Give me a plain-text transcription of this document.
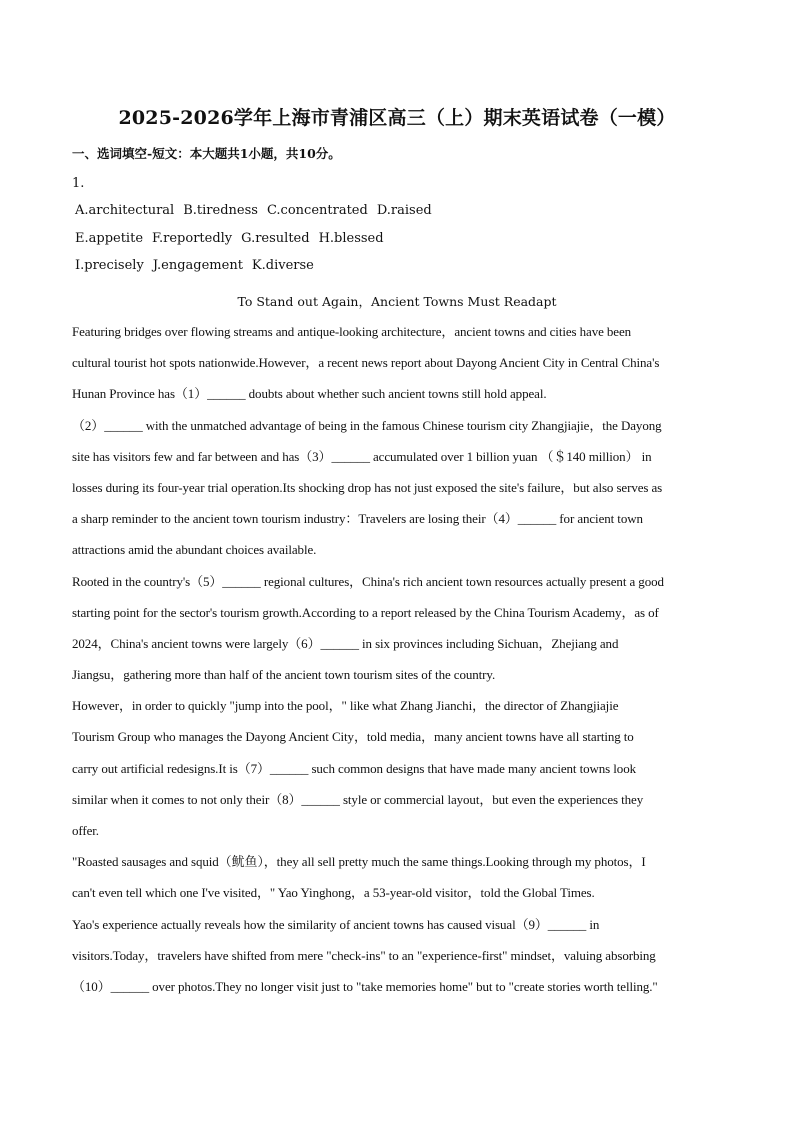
2025-2026学年上海市青浦区高三（上）期末英语试卷（一模）
一、选词填空-短文：本大题共1小题，共10分。
1.
A.architectural B.tiredness C.concentrated D.raised
E.appetite F.reportedly G.resulted H.blessed
I.precisely J.engagement K.diverse
To Stand out Again，Ancient Towns Must Readapt
Featuring bridges over flowing streams and antique-looking architecture，ancient towns and cities have been
cultural tourist hot spots nationwide.However，a recent news report about Dayong Ancient City in Central China's
Hunan Province has（1）______ doubts about whether such ancient towns still hold appeal.
（2）______ with the unmatched advantage of being in the famous Chinese tourism city Zhangjiajie，the Dayong
site has visitors few and far between and has（3）______ accumulated over 1 billion yuan （＄140 million） in
losses during its four-year trial operation.Its shocking drop has not just exposed the site's failure，but also serves as
a sharp reminder to the ancient town tourism industry：Travelers are losing their（4）______ for ancient town
attractions amid the abundant choices available.
Rooted in the country's（5）______ regional cultures，China's rich ancient town resources actually present a good
starting point for the sector's tourism growth.According to a report released by the China Tourism Academy，as of
2024，China's ancient towns were largely（6）______ in six provinces including Sichuan，Zhejiang and
Jiangsu，gathering more than half of the ancient town tourism sites of the country.
However，in order to quickly "jump into the pool，" like what Zhang Jianchi，the director of Zhangjiajie
Tourism Group who manages the Dayong Ancient City，told media，many ancient towns have all starting to
carry out artificial redesigns.It is（7）______ such common designs that have made many ancient towns look
similar when it comes to not only their（8）______ style or commercial layout，but even the experiences they
offer.
"Roasted sausages and squid（鱿鱼），they all sell pretty much the same things.Looking through my photos，I
can't even tell which one I've visited，" Yao Yinghong，a 53-year-old visitor，told the Global Times.
Yao's experience actually reveals how the similarity of ancient towns has caused visual（9）______ in
visitors.Today，travelers have shifted from mere "check-ins" to an "experience-first" mindset，valuing absorbing
（10）______ over photos.They no longer visit just to "take memories home" but to "create stories worth telling."
